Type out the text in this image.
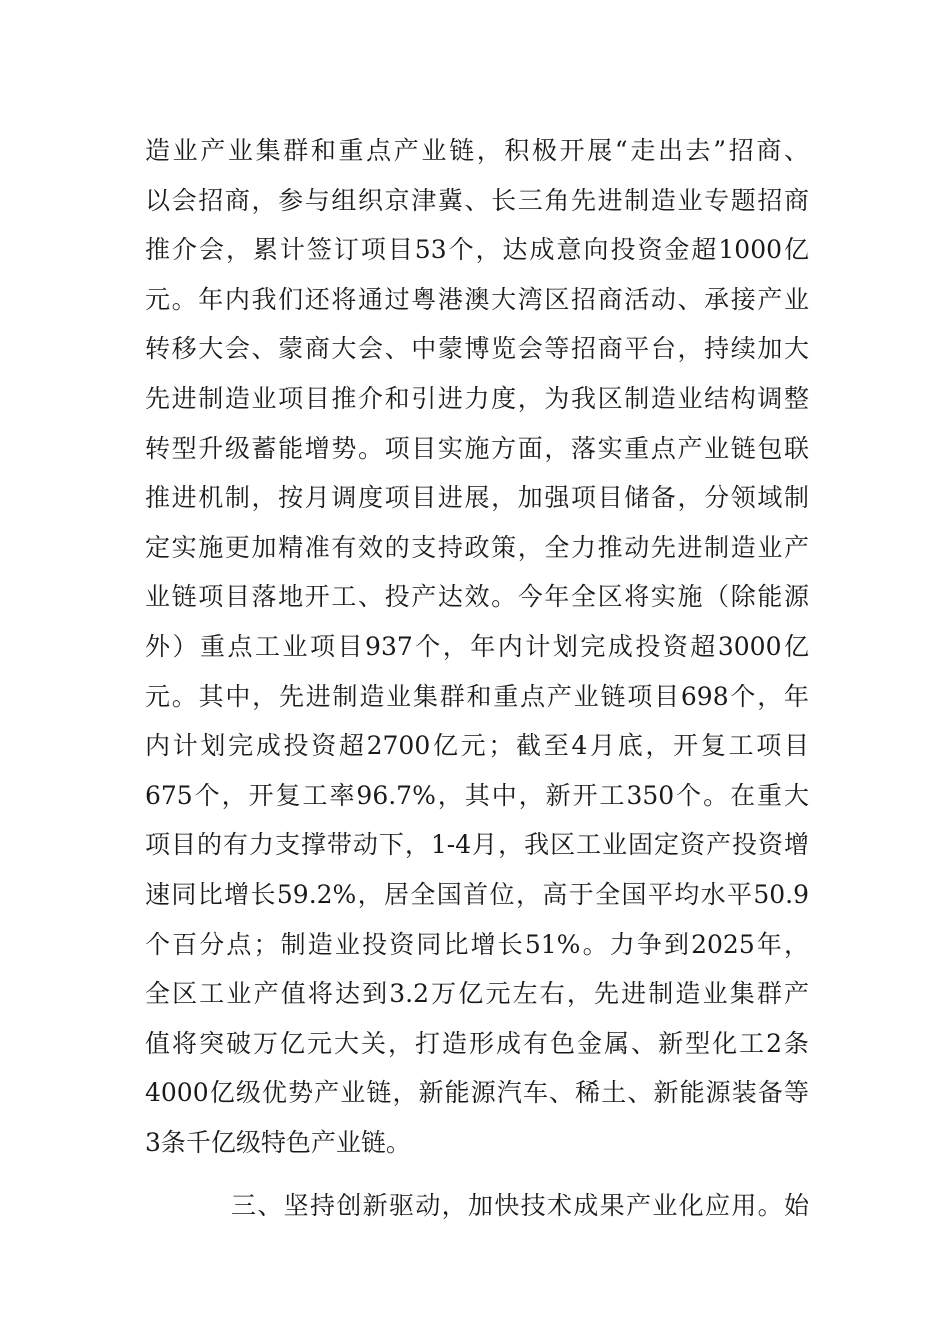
造业产业集群和重点产业链，积极开展“走出去”招商、
以会招商，参与组织京津冀、长三角先进制造业专题招商
推介会，累计签订项目53个，达成意向投资金超1000亿
元。年内我们还将通过粤港澳大湾区招商活动、承接产业
转移大会、蒙商大会、中蒙博览会等招商平台，持续加大
先进制造业项目推介和引进力度，为我区制造业结构调整
转型升级蓄能增势。项目实施方面，落实重点产业链包联
推进机制，按月调度项目进展，加强项目储备，分领域制
定实施更加精准有效的支持政策，全力推动先进制造业产
业链项目落地开工、投产达效。今年全区将实施（除能源
外）重点工业项目937个，年内计划完成投资超3000亿
元。其中，先进制造业集群和重点产业链项目698个，年
内计划完成投资超2700亿元；截至4月底，开复工项目
675个，开复工率96.7%，其中，新开工350个。在重大
项目的有力支撑带动下，1-4月，我区工业固定资产投资增
速同比增长59.2%，居全国首位，高于全国平均水平50.9
个百分点；制造业投资同比增长51%。力争到2025年，
全区工业产值将达到3.2万亿元左右，先进制造业集群产
值将突破万亿元大关，打造形成有色金属、新型化工2条
4000亿级优势产业链，新能源汽车、稀土、新能源装备等
3条千亿级特色产业链。
三、坚持创新驱动，加快技术成果产业化应用。始
